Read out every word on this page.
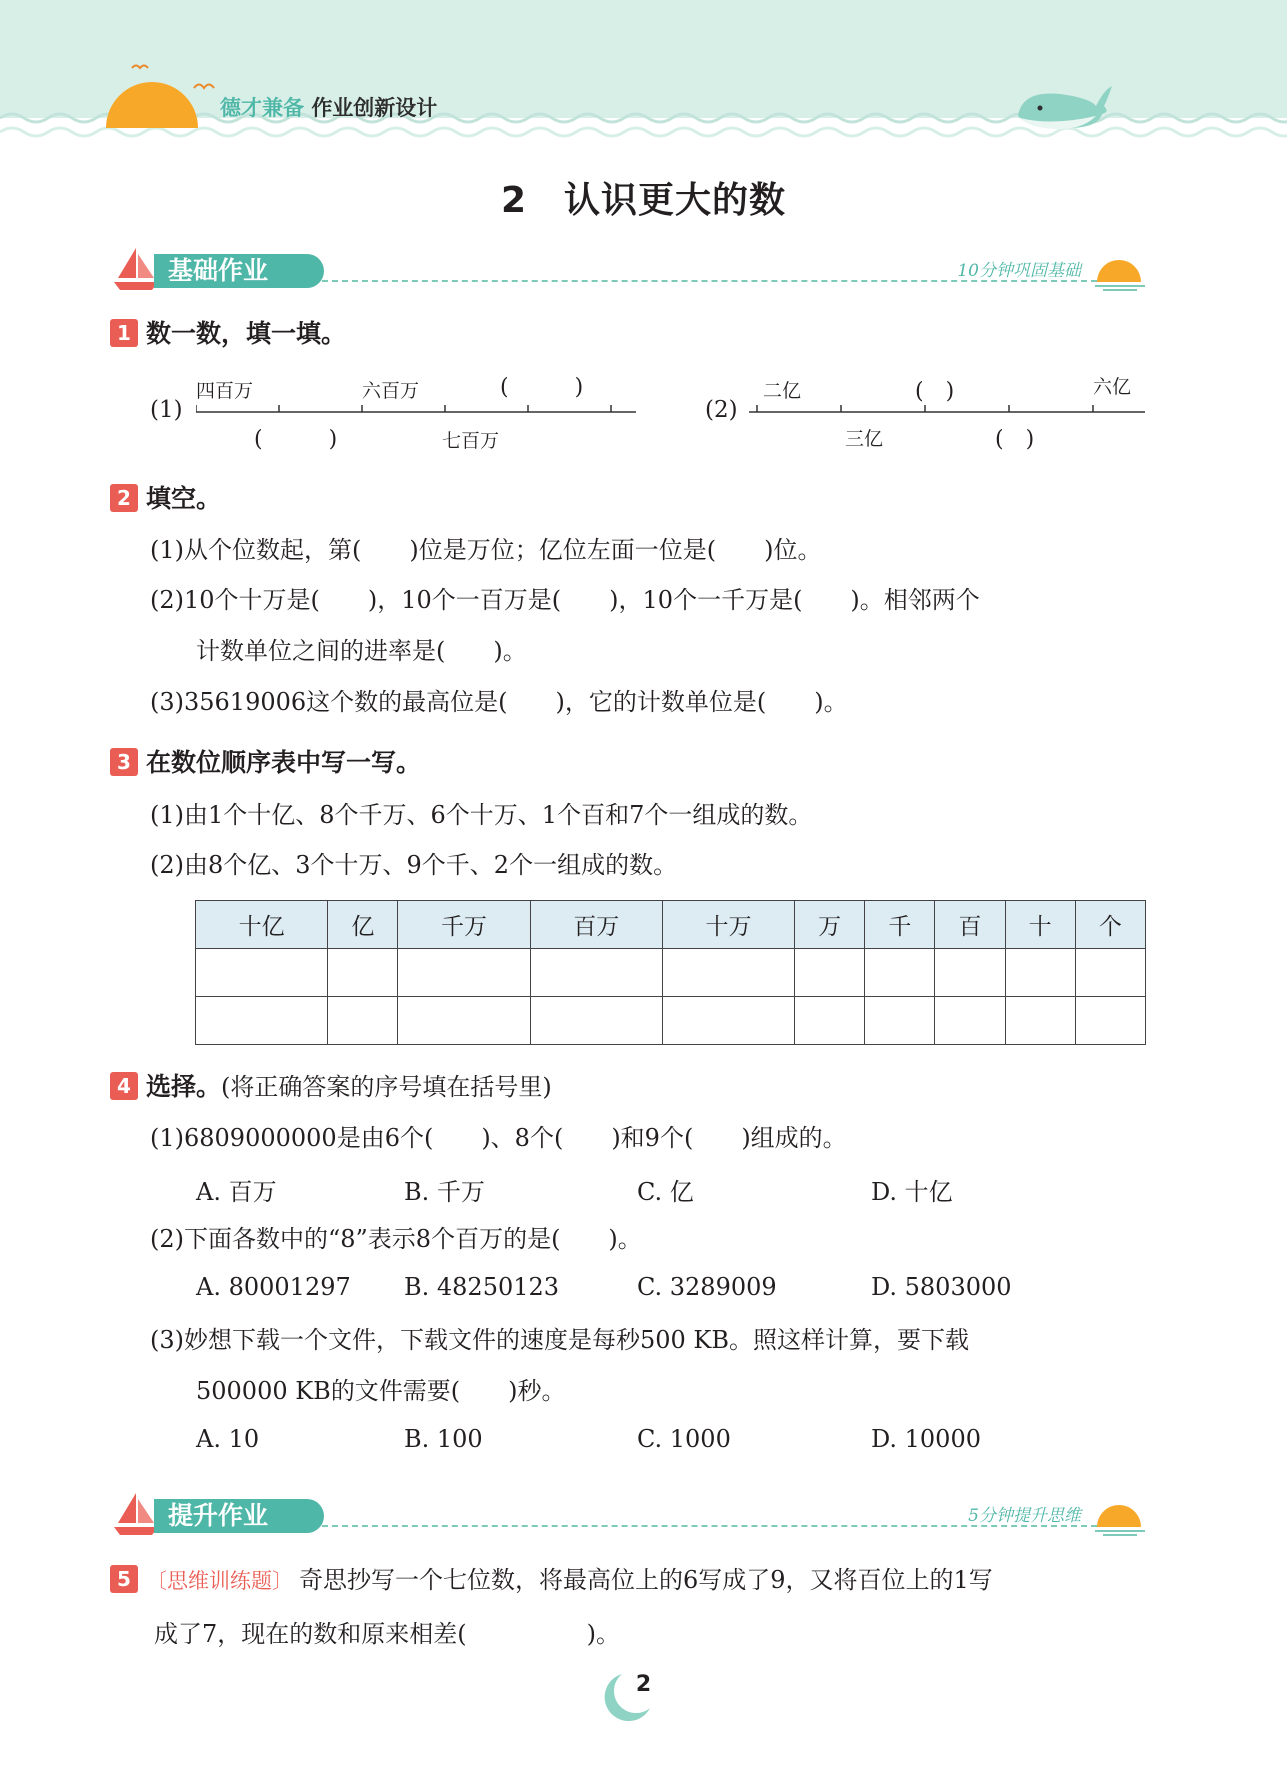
德才兼备 作业创新设计
2　认识更大的数
基础作业	10分钟巩固基础
1 数一数，填一填。
(1)
四百万	六百万	(　　　)
(　　　)	七百万
(2)
二亿	(　)	六亿
三亿	(　)
2 填空。
(1)从个位数起，第(　　)位是万位；亿位左面一位是(　　)位。
(2)10个十万是(　　)，10个一百万是(　　)，10个一千万是(　　)。相邻两个
计数单位之间的进率是(　　)。
(3)35619006这个数的最高位是(　　)，它的计数单位是(　　)。
3 在数位顺序表中写一写。
(1)由1个十亿、8个千万、6个十万、1个百和7个一组成的数。
(2)由8个亿、3个十万、9个千、2个一组成的数。
十亿	亿	千万	百万	十万	万	千	百	十	个

4 选择。(将正确答案的序号填在括号里)
(1)6809000000是由6个(　　)、8个(　　)和9个(　　)组成的。
A. 百万	B. 千万	C. 亿	D. 十亿
(2)下面各数中的“8”表示8个百万的是(　　)。
A. 80001297 B. 48250123	C. 3289009	D. 5803000
(3)妙想下载一个文件，下载文件的速度是每秒500 KB。照这样计算，要下载
500000 KB的文件需要(　　)秒。
A. 10	B. 100	C. 1000	D. 10000
提升作业	5分钟提升思维
5 〔思维训练题〕 奇思抄写一个七位数，将最高位上的6写成了9，又将百位上的1写
成了7，现在的数和原来相差(　　　　　)。
2
